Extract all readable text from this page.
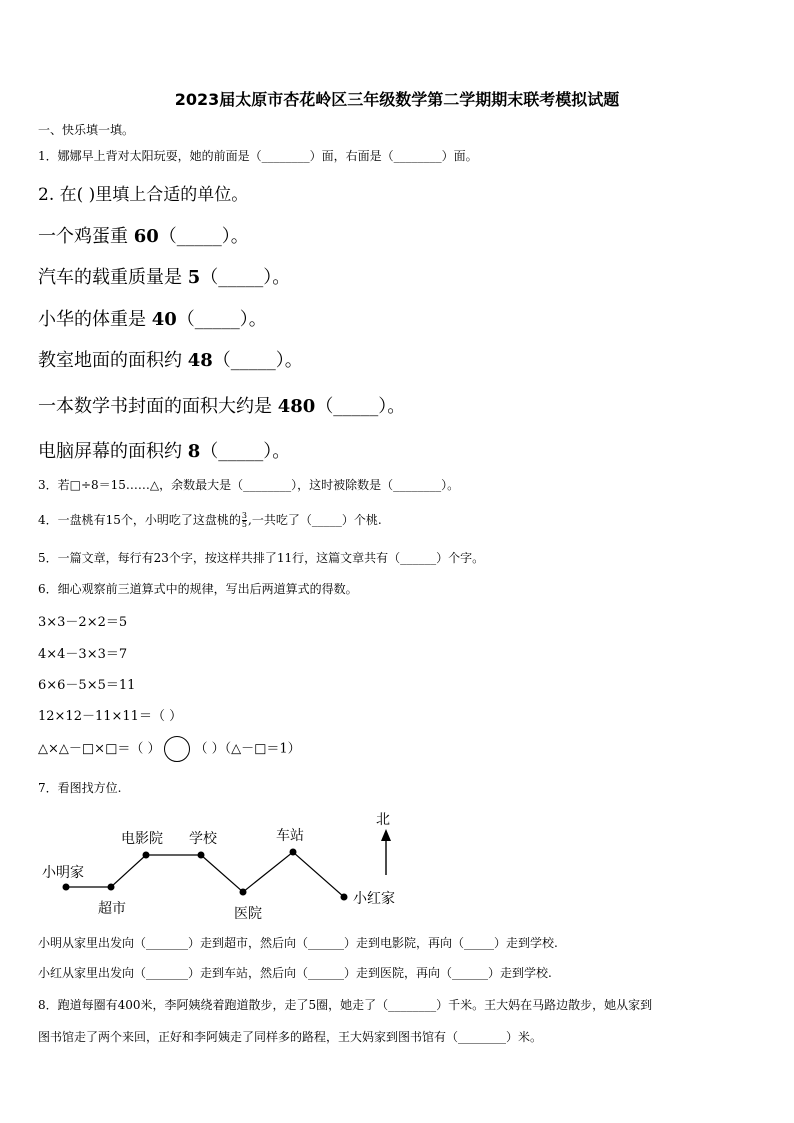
2023届太原市杏花岭区三年级数学第二学期期末联考模拟试题
一、快乐填一填。
1．娜娜早上背对太阳玩耍，她的前面是（________）面，右面是（________）面。
2. 在( )里填上合适的单位。
一个鸡蛋重 60（_____）。
汽车的载重质量是 5（_____）。
小华的体重是 40（_____）。
教室地面的面积约 48（_____）。
一本数学书封面的面积大约是 480（_____）。
电脑屏幕的面积约 8（_____）。
3．若□÷8＝15……△，余数最大是（________），这时被除数是（________）。
4．一盘桃有15个，小明吃了这盘桃的 $\frac{3}{5}$ ,一共吃了（_____）个桃.
5．一篇文章，每行有23个字，按这样共排了11行，这篇文章共有（______）个字。
6．细心观察前三道算式中的规律，写出后两道算式的得数。
3×3－2×2＝5
4×4－3×3＝7
6×6－5×5＝11
12×12－11×11＝（ ）
△×△－□×□＝（ ）	（ ）（△－□＝1）
7．看图找方位.
小明家
超市
电影院 学校
医院
车站
小红家
北
小明从家里出发向（_______）走到超市，然后向（______）走到电影院，再向（_____）走到学校.
小红从家里出发向（_______）走到车站，然后向（______）走到医院，再向（______）走到学校.
8．跑道每圈有400米，李阿姨绕着跑道散步，走了5圈，她走了（________）千米。王大妈在马路边散步，她从家到
图书馆走了两个来回，正好和李阿姨走了同样多的路程，王大妈家到图书馆有（________）米。
